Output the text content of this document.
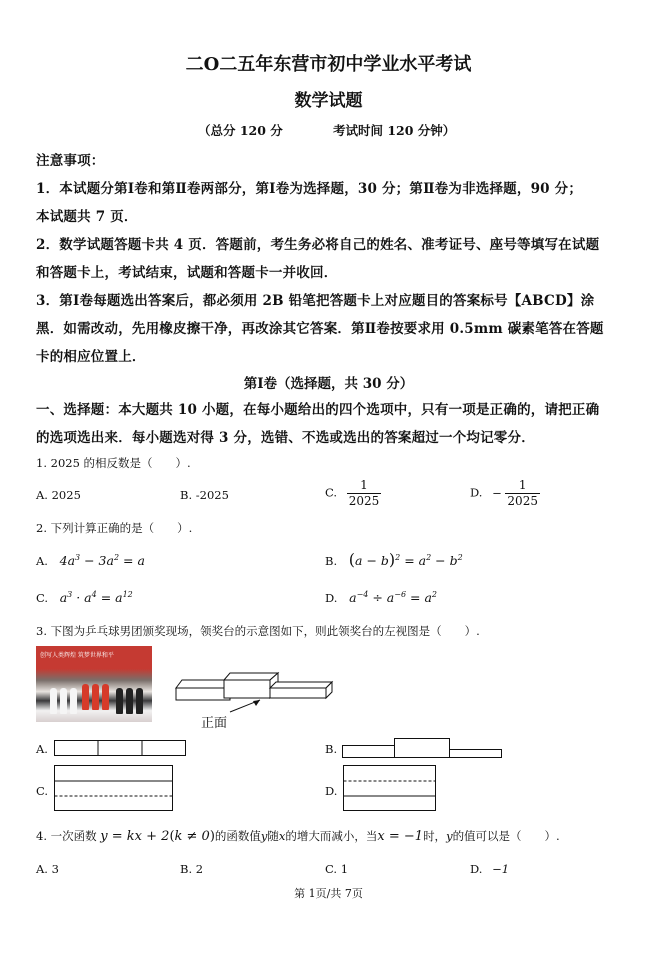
二O二五年东营市初中学业水平考试
数学试题
（总分 120 分	考试时间 120 分钟）
注意事项：
1．本试题分第Ⅰ卷和第Ⅱ卷两部分，第Ⅰ卷为选择题，30 分；第Ⅱ卷为非选择题，90 分；
本试题共 7 页．
2．数学试题答题卡共 4 页．答题前，考生务必将自己的姓名、准考证号、座号等填写在试题
和答题卡上，考试结束，试题和答题卡一并收回．
3．第Ⅰ卷每题选出答案后，都必须用 2B 铅笔把答题卡上对应题目的答案标号【ABCD】涂
黑．如需改动，先用橡皮擦干净，再改涂其它答案．第Ⅱ卷按要求用 0.5mm 碳素笔答在答题
卡的相应位置上．
第Ⅰ卷（选择题，共 30 分）
一、选择题：本大题共 10 小题，在每小题给出的四个选项中，只有一项是正确的，请把正确
的选项选出来．每小题选对得 3 分，选错、不选或选出的答案超过一个均记零分．
1. 2025 的相反数是（　　）.
A. 2025	B. -2025	C. $\frac{1}{2025}$	D. − $\frac{1}{2025}$
2. 下列计算正确的是（　　）.
A. $4a^3 - 3a^2 = a$	B. $(a - b)^2 = a^2 - b^2$
C. $a^3 \cdot a^4 = a^{12}$	D. $a^{-4} \div a^{-6} = a^2$
3. 下图为乒乓球男团颁奖现场，领奖台的示意图如下，则此领奖台的左视图是（　　）.
创写人类辉煌 筑梦世界和平
正面
A.	B.
C.	D.
4. 一次函数 y = kx + 2(k ≠ 0)的函数值y随x的增大而减小，当x = −1时，y的值可以是（　　）.
A. 3	B. 2	C. 1	D. −1
第 1页/共 7页
